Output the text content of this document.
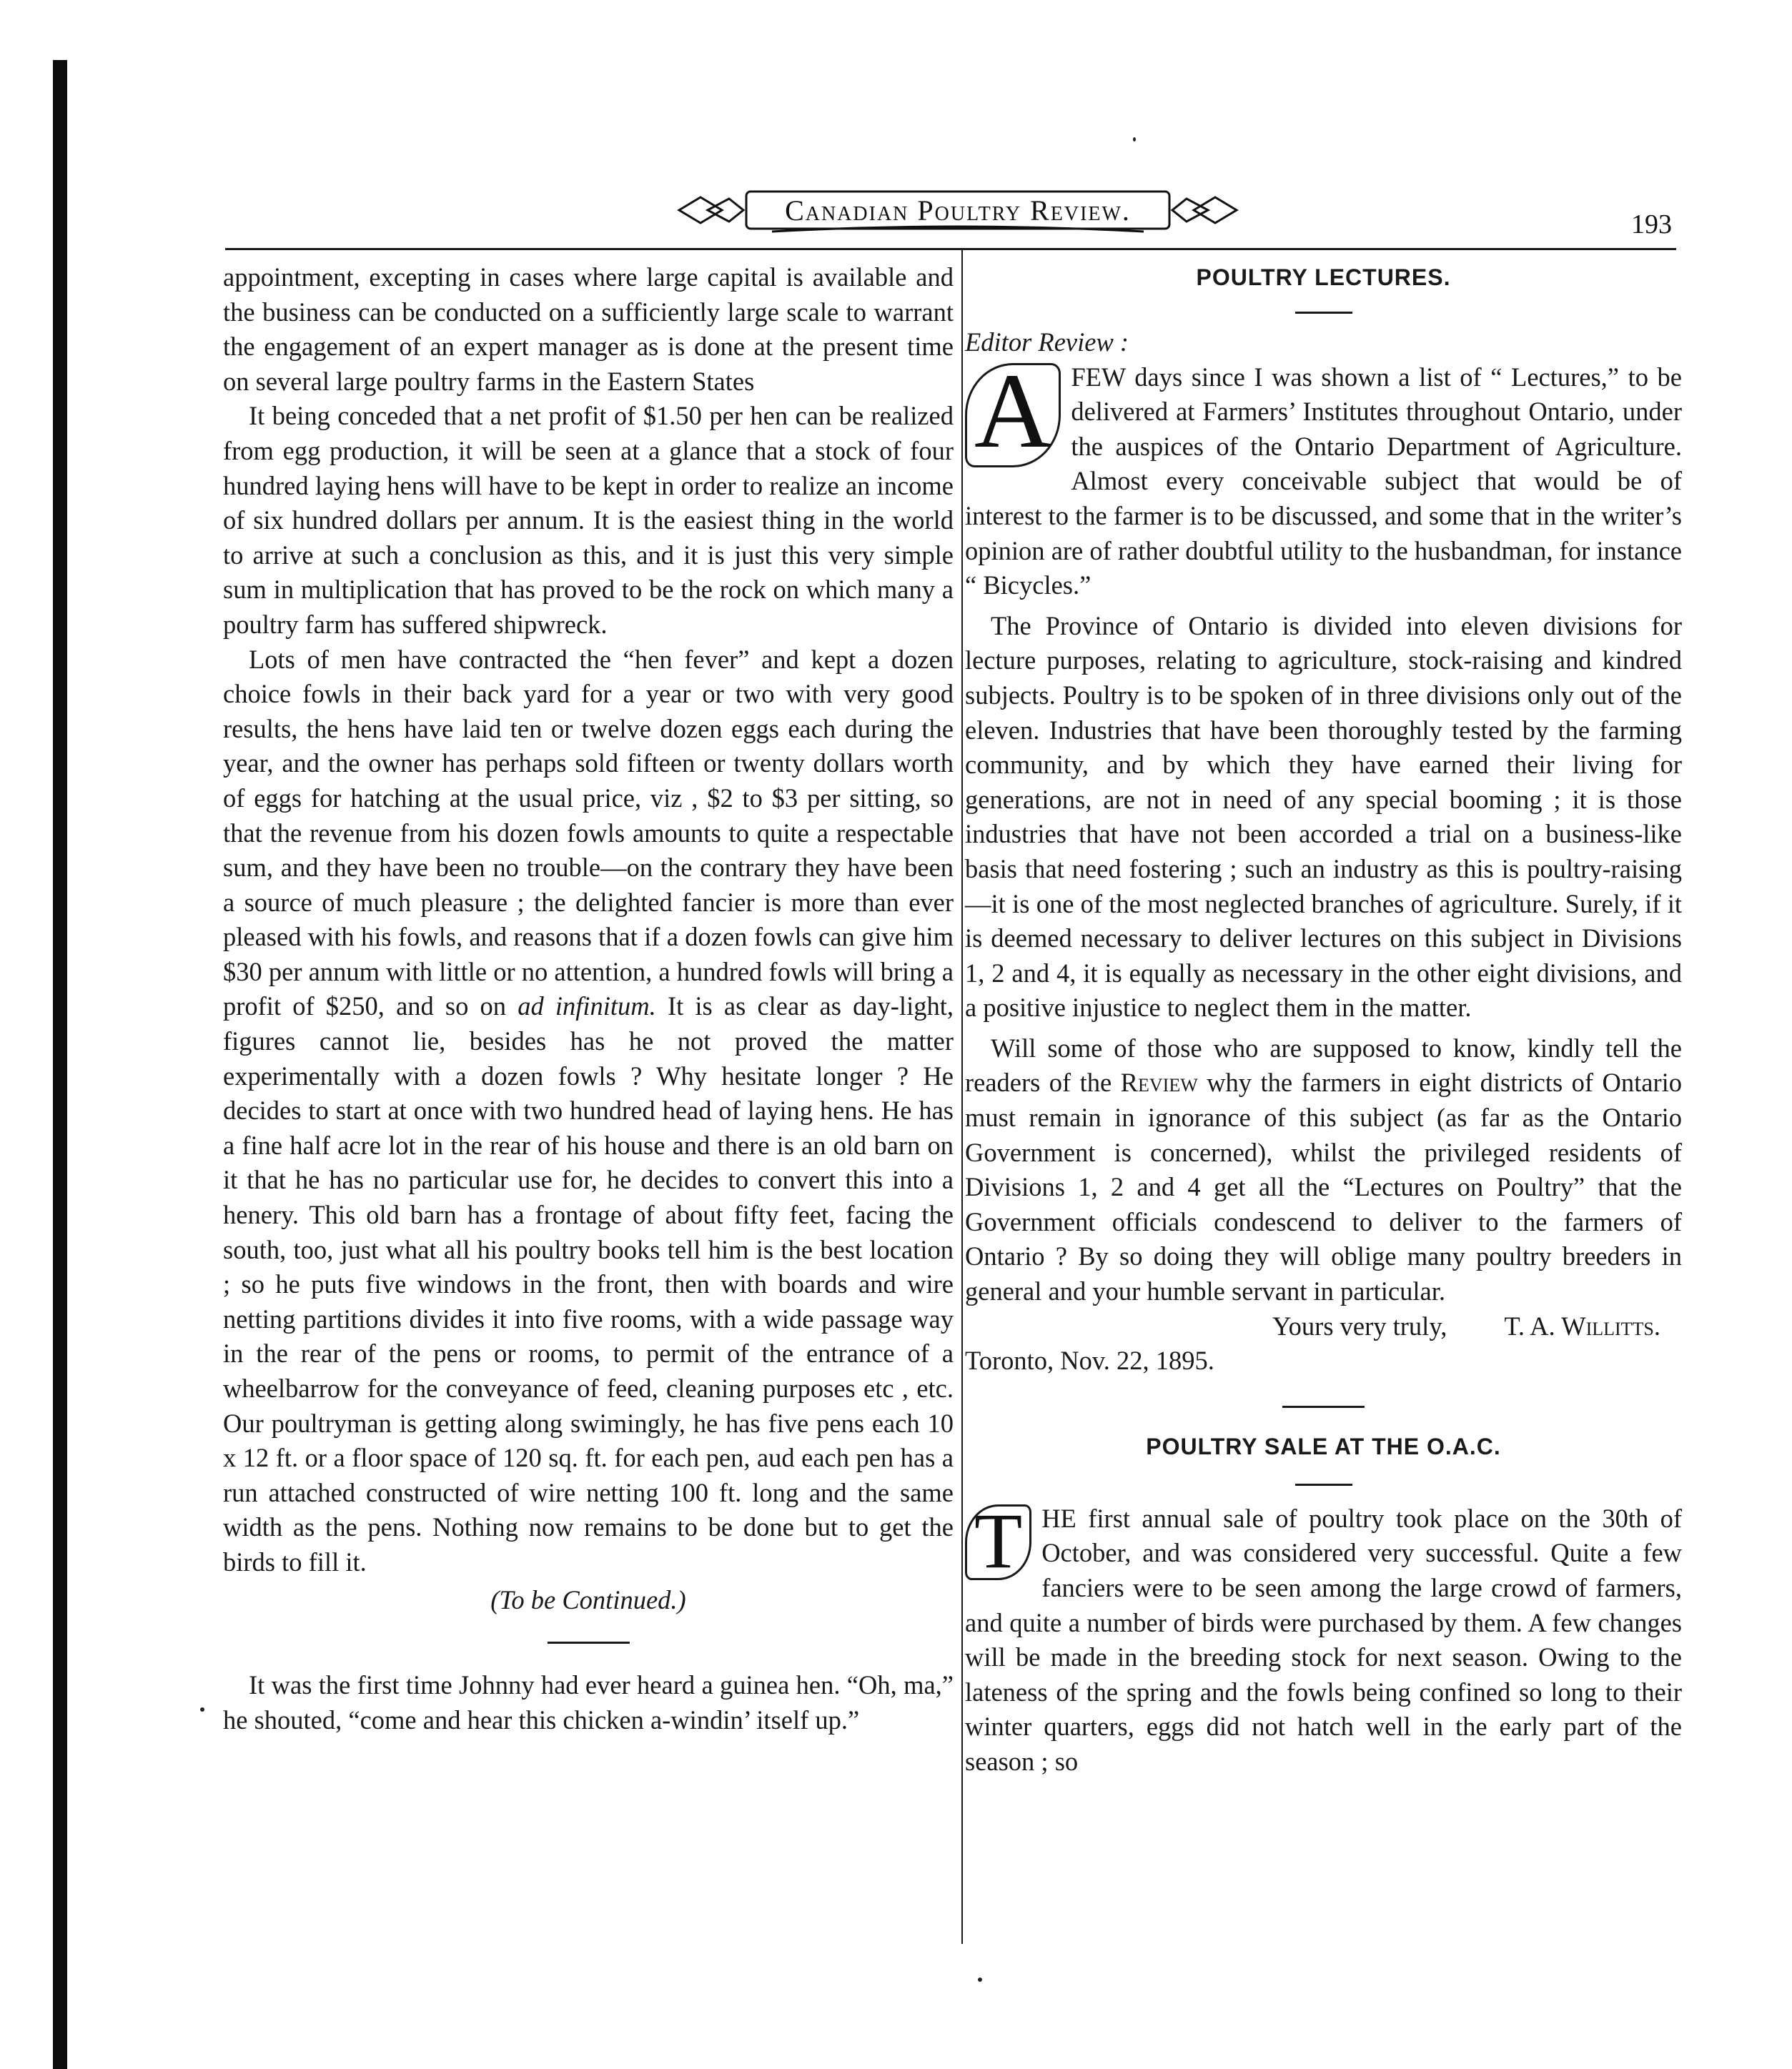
Canadian Poultry Review.	193

appointment, excepting in cases where large capital is available and the business can be conducted on a sufficiently large scale to warrant the engagement of an expert manager as is done at the present time on several large poultry farms in the Eastern States

It being conceded that a net profit of $1.50 per hen can be realized from egg production, it will be seen at a glance that a stock of four hundred laying hens will have to be kept in order to realize an income of six hundred dollars per annum. It is the easiest thing in the world to arrive at such a conclusion as this, and it is just this very simple sum in multiplication that has proved to be the rock on which many a poultry farm has suffered shipwreck.

Lots of men have contracted the “hen fever” and kept a dozen choice fowls in their back yard for a year or two with very good results, the hens have laid ten or twelve dozen eggs each during the year, and the owner has perhaps sold fifteen or twenty dollars worth of eggs for hatching at the usual price, viz , $2 to $3 per sitting, so that the revenue from his dozen fowls amounts to quite a respectable sum, and they have been no trouble—on the contrary they have been a source of much pleasure ; the delighted fancier is more than ever pleased with his fowls, and reasons that if a dozen fowls can give him $30 per annum with little or no attention, a hundred fowls will bring a profit of $250, and so on ad infinitum. It is as clear as day-light, figures cannot lie, besides has he not proved the matter experimentally with a dozen fowls ? Why hesitate longer ? He decides to start at once with two hundred head of laying hens. He has a fine half acre lot in the rear of his house and there is an old barn on it that he has no particular use for, he decides to convert this into a henery. This old barn has a frontage of about fifty feet, facing the south, too, just what all his poultry books tell him is the best location ; so he puts five windows in the front, then with boards and wire netting partitions divides it into five rooms, with a wide passage way in the rear of the pens or rooms, to permit of the entrance of a wheelbarrow for the conveyance of feed, cleaning purposes etc , etc. Our poultryman is getting along swimingly, he has five pens each 10 x 12 ft. or a floor space of 120 sq. ft. for each pen, aud each pen has a run attached constructed of wire netting 100 ft. long and the same width as the pens. Nothing now remains to be done but to get the birds to fill it.

(To be Continued.)

It was the first time Johnny had ever heard a guinea hen. “Oh, ma,” he shouted, “come and hear this chicken a-windin’ itself up.”

POULTRY LECTURES.

Editor Review :

A FEW days since I was shown a list of “ Lectures,” to be delivered at Farmers’ Institutes throughout Ontario, under the auspices of the Ontario Department of Agriculture. Almost every conceivable subject that would be of interest to the farmer is to be discussed, and some that in the writer’s opinion are of rather doubtful utility to the husbandman, for instance “ Bicycles.”

The Province of Ontario is divided into eleven divisions for lecture purposes, relating to agriculture, stock-raising and kindred subjects. Poultry is to be spoken of in three divisions only out of the eleven. Industries that have been thoroughly tested by the farming community, and by which they have earned their living for generations, are not in need of any special booming ; it is those industries that have not been accorded a trial on a business-like basis that need fostering ; such an industry as this is poultry-raising—it is one of the most neglected branches of agriculture. Surely, if it is deemed necessary to deliver lectures on this subject in Divisions 1, 2 and 4, it is equally as necessary in the other eight divisions, and a positive injustice to neglect them in the matter.

Will some of those who are supposed to know, kindly tell the readers of the Review why the farmers in eight districts of Ontario must remain in ignorance of this subject (as far as the Ontario Government is concerned), whilst the privileged residents of Divisions 1, 2 and 4 get all the “Lectures on Poultry” that the Government officials condescend to deliver to the farmers of Ontario ? By so doing they will oblige many poultry breeders in general and your humble servant in particular.

Yours very truly, T. A. Willitts.

Toronto, Nov. 22, 1895.

POULTRY SALE AT THE O.A.C.

T HE first annual sale of poultry took place on the 30th of October, and was considered very successful. Quite a few fanciers were to be seen among the large crowd of farmers, and quite a number of birds were purchased by them. A few changes will be made in the breeding stock for next season. Owing to the lateness of the spring and the fowls being confined so long to their winter quarters, eggs did not hatch well in the early part of the season ; so
